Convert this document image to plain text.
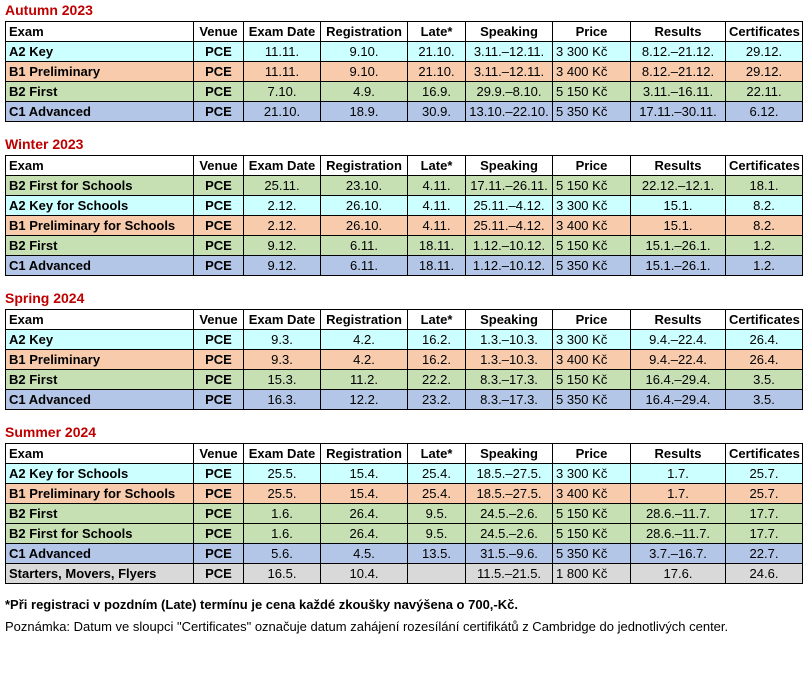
Autumn 2023
Exam	Venue	Exam Date	Registration	Late*	Speaking	Price	Results	Certificates
A2 Key	PCE	11.11.	9.10.	21.10.	3.11.–12.11.	3 300 Kč	8.12.–21.12.	29.12.
B1 Preliminary	PCE	11.11.	9.10.	21.10.	3.11.–12.11.	3 400 Kč	8.12.–21.12.	29.12.
B2 First	PCE	7.10.	4.9.	16.9.	29.9.–8.10.	5 150 Kč	3.11.–16.11.	22.11.
C1 Advanced	PCE	21.10.	18.9.	30.9.	13.10.–22.10.	5 350 Kč	17.11.–30.11.	6.12.
Winter 2023
Exam	Venue	Exam Date	Registration	Late*	Speaking	Price	Results	Certificates
B2 First for Schools	PCE	25.11.	23.10.	4.11.	17.11.–26.11.	5 150 Kč	22.12.–12.1.	18.1.
A2 Key for Schools	PCE	2.12.	26.10.	4.11.	25.11.–4.12.	3 300 Kč	15.1.	8.2.
B1 Preliminary for Schools	PCE	2.12.	26.10.	4.11.	25.11.–4.12.	3 400 Kč	15.1.	8.2.
B2 First	PCE	9.12.	6.11.	18.11.	1.12.–10.12.	5 150 Kč	15.1.–26.1.	1.2.
C1 Advanced	PCE	9.12.	6.11.	18.11.	1.12.–10.12.	5 350 Kč	15.1.–26.1.	1.2.
Spring 2024
Exam	Venue	Exam Date	Registration	Late*	Speaking	Price	Results	Certificates
A2 Key	PCE	9.3.	4.2.	16.2.	1.3.–10.3.	3 300 Kč	9.4.–22.4.	26.4.
B1 Preliminary	PCE	9.3.	4.2.	16.2.	1.3.–10.3.	3 400 Kč	9.4.–22.4.	26.4.
B2 First	PCE	15.3.	11.2.	22.2.	8.3.–17.3.	5 150 Kč	16.4.–29.4.	3.5.
C1 Advanced	PCE	16.3.	12.2.	23.2.	8.3.–17.3.	5 350 Kč	16.4.–29.4.	3.5.
Summer 2024
Exam	Venue	Exam Date	Registration	Late*	Speaking	Price	Results	Certificates
A2 Key for Schools	PCE	25.5.	15.4.	25.4.	18.5.–27.5.	3 300 Kč	1.7.	25.7.
B1 Preliminary for Schools	PCE	25.5.	15.4.	25.4.	18.5.–27.5.	3 400 Kč	1.7.	25.7.
B2 First	PCE	1.6.	26.4.	9.5.	24.5.–2.6.	5 150 Kč	28.6.–11.7.	17.7.
B2 First for Schools	PCE	1.6.	26.4.	9.5.	24.5.–2.6.	5 150 Kč	28.6.–11.7.	17.7.
C1 Advanced	PCE	5.6.	4.5.	13.5.	31.5.–9.6.	5 350 Kč	3.7.–16.7.	22.7.
Starters, Movers, Flyers	PCE	16.5.	10.4.		11.5.–21.5.	1 800 Kč	17.6.	24.6.
*Při registraci v pozdním (Late) termínu je cena každé zkoušky navýšena o 700,-Kč.
Poznámka: Datum ve sloupci "Certificates" označuje datum zahájení rozesílání certifikátů z Cambridge do jednotlivých center.
